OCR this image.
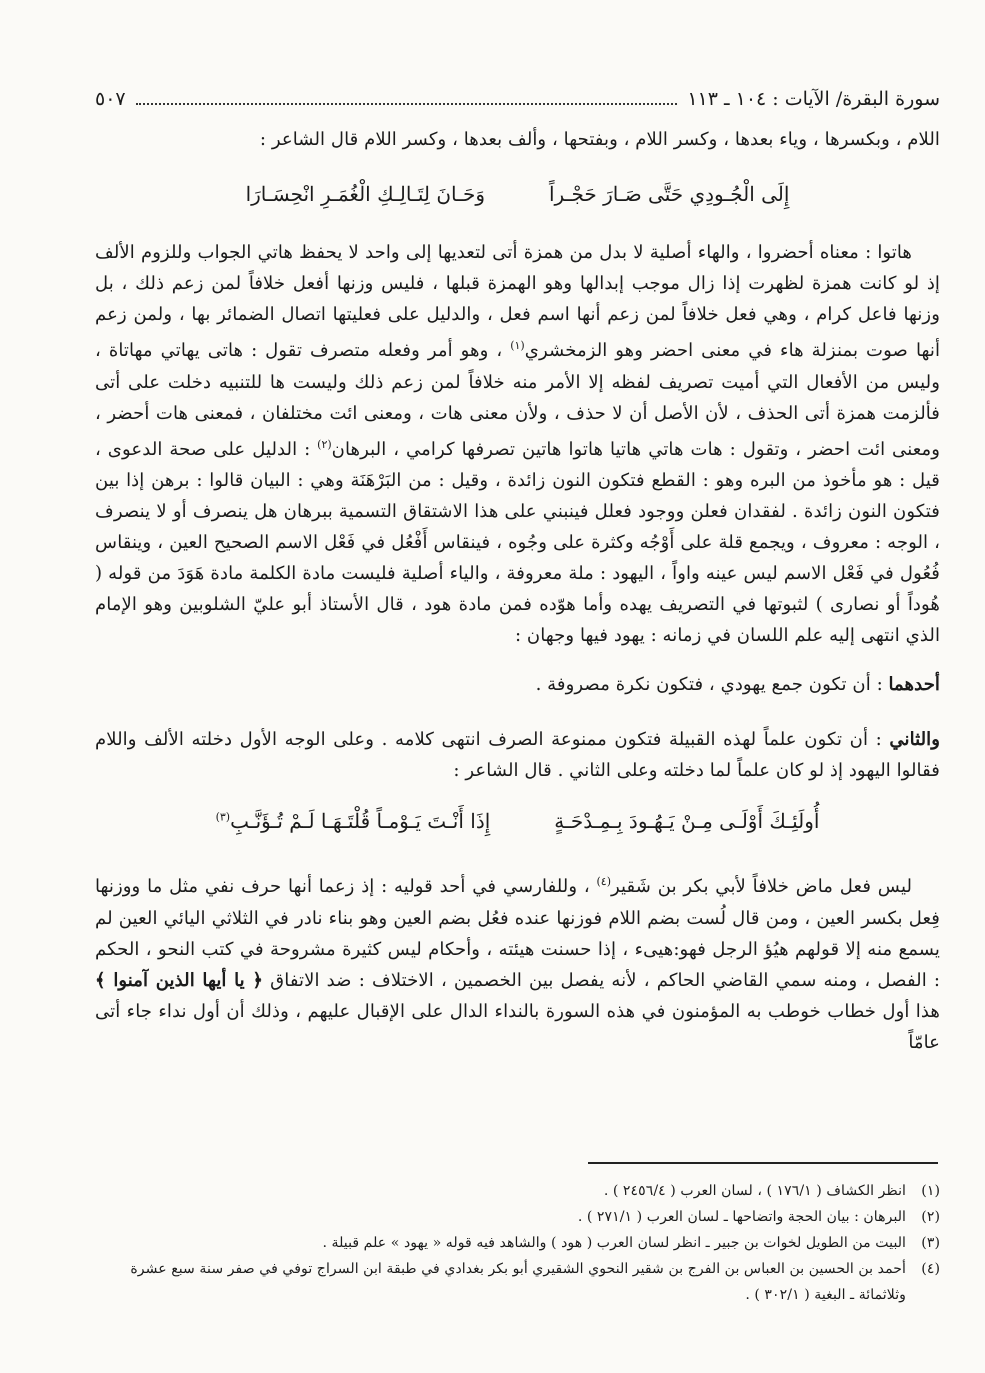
سورة البقرة/ الآيات : ١٠٤ ـ ١١٣
٥٠٧

اللام ، وبكسرها ، وياء بعدها ، وكسر اللام ، وبفتحها ، وألف بعدها ، وكسر اللام قال الشاعر :

إِلَى الْجُـودِي حَتَّى صَـارَ حَجْـراً
وَحَـانَ لِتَـالِـكِ الْغُمَـرِ انْحِسَـارَا

هاتوا : معناه أحضروا ، والهاء أصلية لا بدل من همزة أتى لتعديها إلى واحد لا يحفظ هاتي الجواب وللزوم الألف إذ لو كانت همزة لظهرت إذا زال موجب إبدالها وهو الهمزة قبلها ، فليس وزنها أفعل خلافاً لمن زعم ذلك ، بل وزنها فاعل كرام ، وهي فعل خلافاً لمن زعم أنها اسم فعل ، والدليل على فعليتها اتصال الضمائر بها ، ولمن زعم أنها صوت بمنزلة هاء في معنى احضر وهو الزمخشري$^{(١)}$ ، وهو أمر وفعله متصرف تقول : هاتى يهاتي مهاتاة ، وليس من الأفعال التي أميت تصريف لفظه إلا الأمر منه خلافاً لمن زعم ذلك وليست ها للتنبيه دخلت على أتى فألزمت همزة أتى الحذف ، لأن الأصل أن لا حذف ، ولأن معنى هات ، ومعنى ائت مختلفان ، فمعنى هات أحضر ، ومعنى ائت احضر ، وتقول : هات هاتي هاتيا هاتوا هاتين تصرفها كرامي ، البرهان$^{(٢)}$ : الدليل على صحة الدعوى ، قيل : هو مأخوذ من البره وهو : القطع فتكون النون زائدة ، وقيل : من البَرْهَنَة وهي : البيان قالوا : برهن إذا بين فتكون النون زائدة . لفقدان فعلن ووجود فعلل فينبني على هذا الاشتقاق التسمية ببرهان هل ينصرف أو لا ينصرف ، الوجه : معروف ، ويجمع قلة على أَوْجُه وكثرة على وجُوه ، فينقاس أَفْعُل في فَعْل الاسم الصحيح العين ، وينقاس فُعُول في فَعْل الاسم ليس عينه واواً ، اليهود : ملة معروفة ، والياء أصلية فليست مادة الكلمة مادة هَوَدَ من قوله ( هُوداً أو نصارى ) لثبوتها في التصريف يهده وأما هوّده فمن مادة هود ، قال الأستاذ أبو عليّ الشلوبين وهو الإمام الذي انتهى إليه علم اللسان في زمانه : يهود فيها وجهان :

أحدهما : أن تكون جمع يهودي ، فتكون نكرة مصروفة .

والثاني : أن تكون علماً لهذه القبيلة فتكون ممنوعة الصرف انتهى كلامه . وعلى الوجه الأول دخلته الألف واللام فقالوا اليهود إذ لو كان علماً لما دخلته وعلى الثاني . قال الشاعر :

أُولَئِـكَ أَوْلَـى مِـنْ يَـهُـودَ بِـمِـدْحَـةٍ
إِذَا أَنْـتَ يَـوْمـاً قُلْتَـهَـا لَـمْ تُـؤَنَّـبِ$^{(٣)}$

ليس فعل ماض خلافاً لأبي بكر بن شَقير$^{(٤)}$ ، وللفارسي في أحد قوليه : إذ زعما أنها حرف نفي مثل ما ووزنها فِعل بكسر العين ، ومن قال لُست بضم اللام فوزنها عنده فعُل بضم العين وهو بناء نادر في الثلاثي اليائي العين لم يسمع منه إلا قولهم هيُؤ الرجل فهو:هيىء ، إذا حسنت هيئته ، وأحكام ليس كثيرة مشروحة في كتب النحو ، الحكم : الفصل ، ومنه سمي القاضي الحاكم ، لأنه يفصل بين الخصمين ، الاختلاف : ضد الاتفاق ﴿ يا أيها الذين آمنوا ﴾ هذا أول خطاب خوطب به المؤمنون في هذه السورة بالنداء الدال على الإقبال عليهم ، وذلك أن أول نداء جاء أتى عامّاً

(١)
انظر الكشاف ( ١٧٦/١ ) ، لسان العرب ( ٢٤٥٦/٤ ) .

(٢)
البرهان : بيان الحجة واتضاحها ـ لسان العرب ( ٢٧١/١ ) .

(٣)
البيت من الطويل لخوات بن جبير ـ انظر لسان العرب ( هود ) والشاهد فيه قوله « يهود » علم قبيلة .

(٤)
أحمد بن الحسين بن العباس بن الفرج بن شقير النحوي الشقيري أبو بكر بغدادي في طبقة ابن السراج توفي في صفر سنة سبع عشرة وثلاثمائة ـ البغية ( ٣٠٢/١ ) .
